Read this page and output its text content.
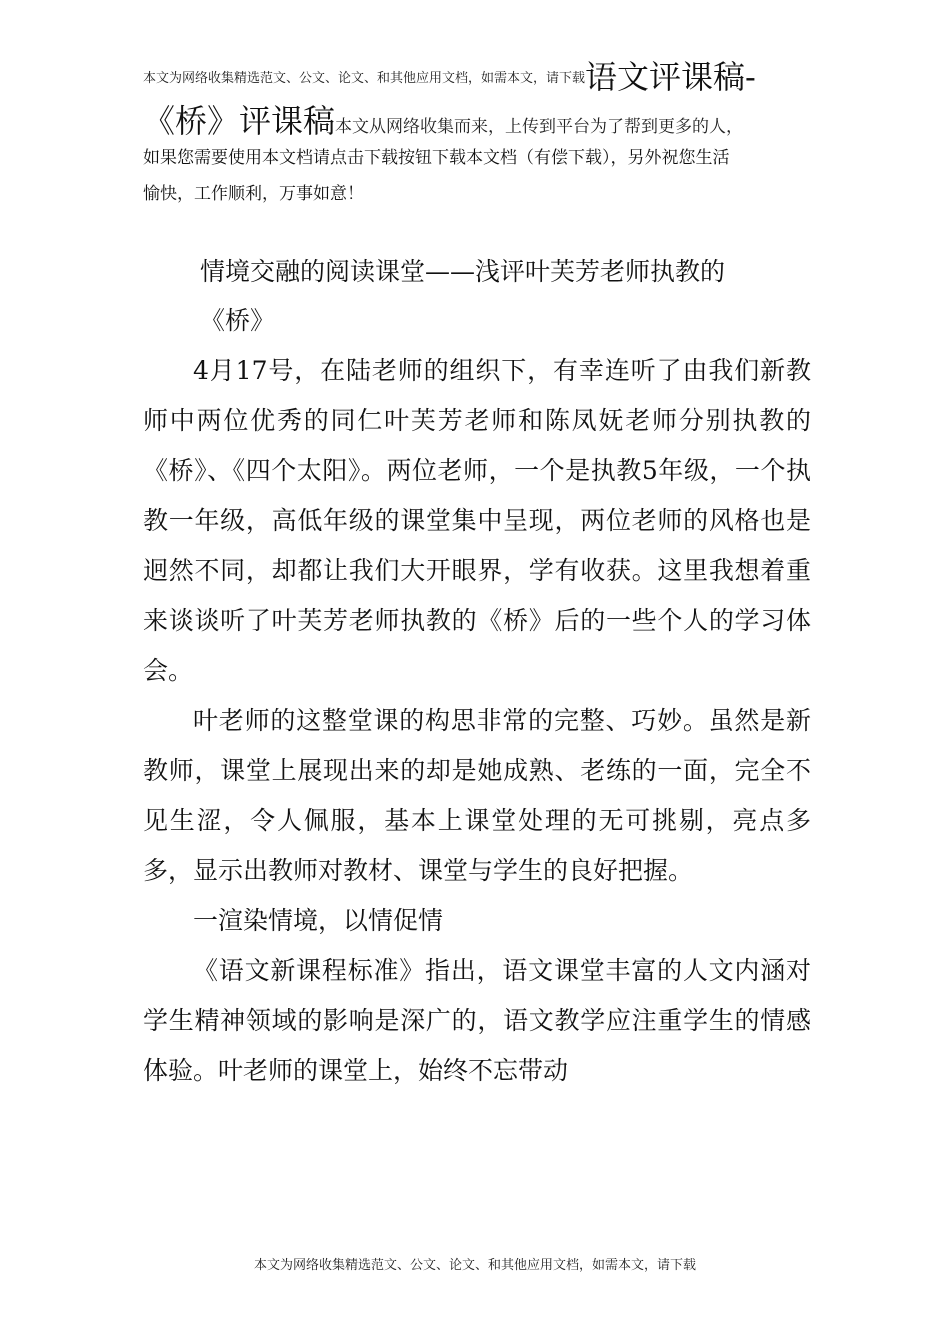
$^{本文为网络收集精选范文、公文、论文、和其他应用文档,如需本文,请下载}$语文评课稿-
《桥》评课稿本文从网络收集而来，上传到平台为了帮到更多的人，
如果您需要使用本文档请点击下载按钮下载本文档（有偿下载），另外祝您生活
愉快，工作顺利，万事如意！
情境交融的阅读课堂——浅评叶芙芳老师执教的
《桥》

4月17号，在陆老师的组织下，有幸连听了由我们新教师中两位优秀的同仁叶芙芳老师和陈凤妩老师分别执教的《桥》、《四个太阳》。两位老师，一个是执教5年级，一个执教一年级，高低年级的课堂集中呈现，两位老师的风格也是迥然不同，却都让我们大开眼界，学有收获。这里我想着重来谈谈听了叶芙芳老师执教的《桥》后的一些个人的学习体会。

叶老师的这整堂课的构思非常的完整、巧妙。虽然是新教师，课堂上展现出来的却是她成熟、老练的一面，完全不见生涩，令人佩服，基本上课堂处理的无可挑剔，亮点多多，显示出教师对教材、课堂与学生的良好把握。

一渲染情境，以情促情

《语文新课程标准》指出，语文课堂丰富的人文内涵对学生精神领域的影响是深广的，语文教学应注重学生的情感体验。叶老师的课堂上，始终不忘带动

本文为网络收集精选范文、公文、论文、和其他应用文档，如需本文，请下载
